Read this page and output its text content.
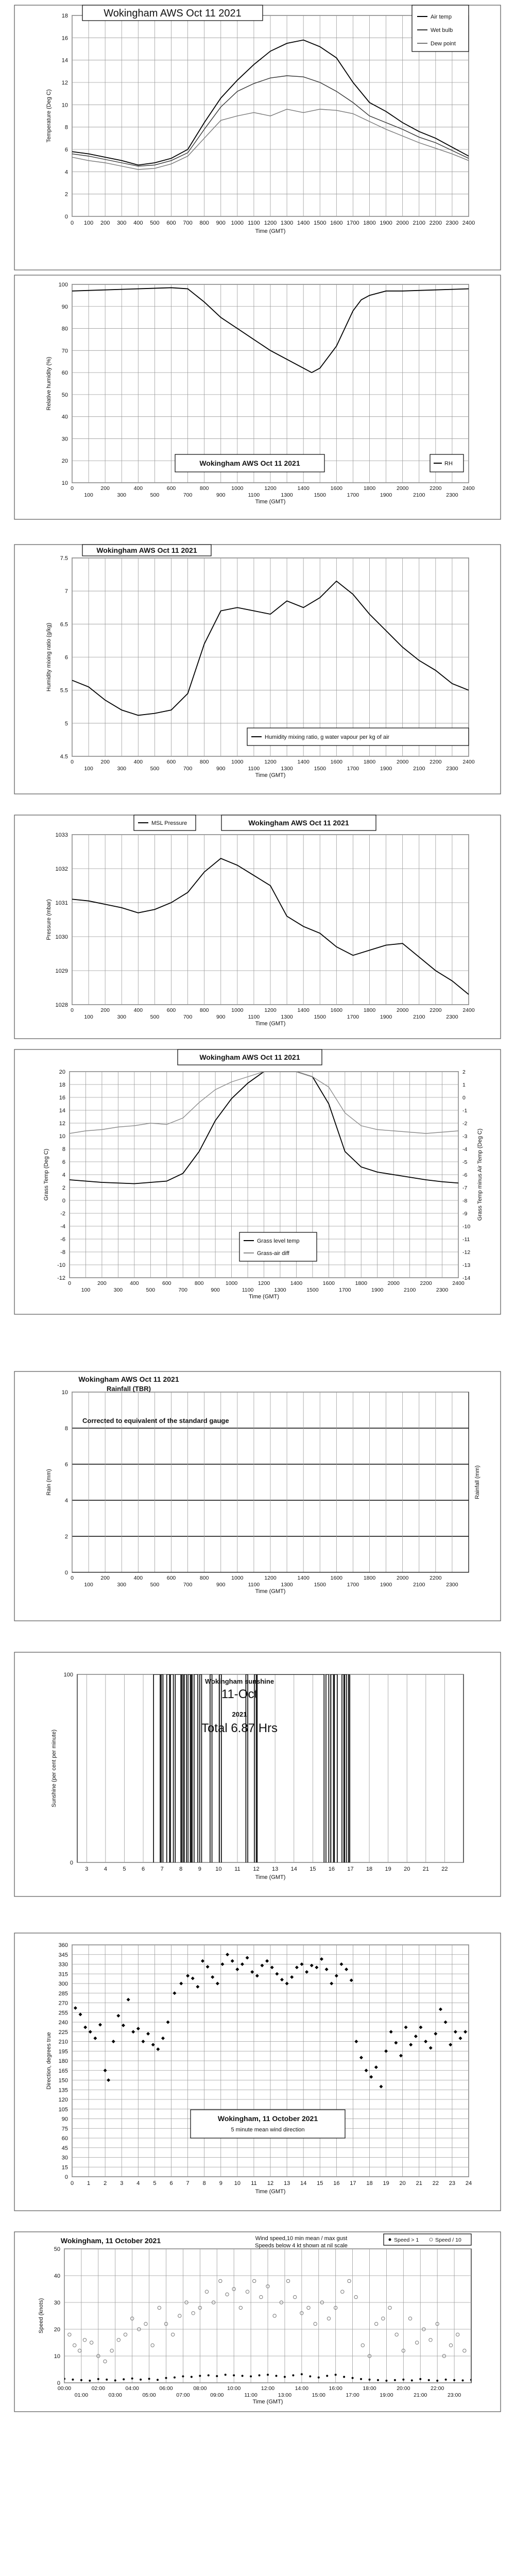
0
2
4
6
8
10
12
14
16
18
0 100 200 300 400 500 600 700 800 900 1000 1100 1200 1300 1400 1500 1600 1700 1800 1900 2000 2100 2200 2300 2400
Time (GMT)
Temperature (Deg C)
Wokingham AWS Oct 11 2021	Air temp
Wet bulb
Dew point
10
20
30
40
50
60
70
80
90
100
0	200	400	600	800	1000	1200	1400	1600	1800	2000	2200	2400
100	300	500	700	900	1100	1300	1500	1700	1900	2100	2300
Time (GMT)
Relative humidity (%)
Wokingham AWS Oct 11 2021	RH
4.5
5
5.5
6
6.5
7
7.5
0	200	400	600	800	1000	1200	1400	1600	1800	2000	2200	2400
100	300	500	700	900	1100	1300	1500	1700	1900	2100	2300
Time (GMT)
Humidity mixing ratio (g/kg)
Wokingham AWS Oct 11 2021
Humidity mixing ratio, g water vapour per kg of air
1028
1029
1030
1031
1032
1033
0	200	400	600	800	1000	1200	1400	1600	1800	2000	2200	2400
100	300	500	700	900	1100	1300	1500	1700	1900	2100	2300
Time (GMT)
Pressure (mbar)
MSL Pressure	Wokingham AWS Oct 11 2021
-12
-10
-8
-6
-4
-2
0
2
4
6
8
10
12
14
16
18
20
0	200	400	600	800	1000	1200	1400	1600	1800	2000	2200	2400
100	300	500	700	900	1100	1300	1500	1700	1900	2100	2300
Time (GMT)
Grass Temp (Deg C)
-14
-13
-12
-11
-10
-9
-8
-7
-6
-5
-4
-3
-2
-1
0
1
2
Grass Temp minus Air Temp (Deg C)
Wokingham AWS Oct 11 2021
Grass level temp
Grass-air diff
0
2
4
6
8
10
0	200	400	600	800	1000	1200	1400	1600	1800	2000	2200
100	300	500	700	900	1100	1300	1500	1700	1900	2100	2300
Time (GMT)
Rain (mm)	Rainfall (mm)
Wokingham AWS Oct 11 2021
Rainfall (TBR)
Corrected to equivalent of the standard gauge
0
100
3	4	5	6	7	8	9 10 11 12 13 14 15 16 17 18 19 20 21 22
Time (GMT)
Sunshine (per cent per minute)
Wokingham sunshine
11-Oct
2021
Total 6.87 Hrs
0
15
30
45
60
75
90
105
120
135
150
165
180
195
210
225
240
255
270
285
300
315
330
345
360
0 1 2 3 4 5 6 7 8 9 10 11 12 13 14 15 16 17 18 19 20 21 22 23 24
Time (GMT)
Direction, degrees true
Wokingham, 11 October 2021
5 minute mean wind direction
0
10
20
30
40
50
00:00	02:00	04:00	06:00	08:00	10:00	12:00	14:00	16:00	18:00	20:00	22:00
01:00	03:00	05:00	07:00	09:00	11:00	13:00	15:00	17:00	19:00	21:00	23:00
Time (GMT)
Speed (knots)
Wokingham, 11 October 2021	Wind speed,10 min mean / max gust
Speeds below 4 kt shown at nil scale
Speed > 1	Speed / 10
